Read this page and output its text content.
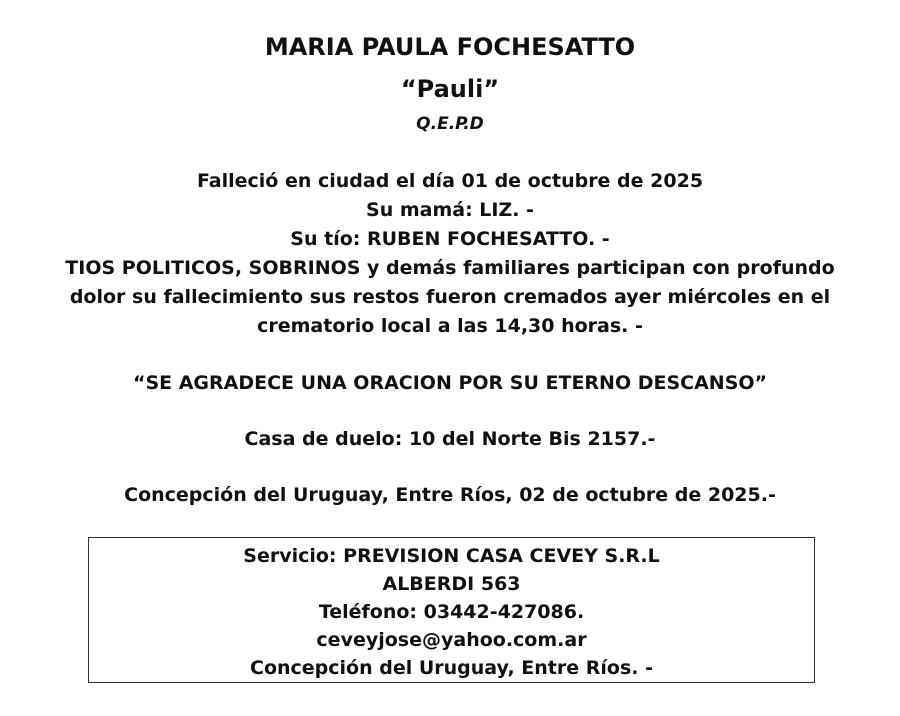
MARIA PAULA FOCHESATTO
“Pauli”
Q.E.P.D
Falleció en ciudad el día 01 de octubre de 2025
Su mamá: LIZ. -
Su tío: RUBEN FOCHESATTO. -
TIOS POLITICOS, SOBRINOS y demás familiares participan con profundo
dolor su fallecimiento sus restos fueron cremados ayer miércoles en el
crematorio local a las 14,30 horas. -
“SE AGRADECE UNA ORACION POR SU ETERNO DESCANSO”
Casa de duelo: 10 del Norte Bis 2157.-
Concepción del Uruguay, Entre Ríos, 02 de octubre de 2025.-
Servicio: PREVISION CASA CEVEY S.R.L
ALBERDI 563
Teléfono: 03442-427086.
ceveyjose@yahoo.com.ar
Concepción del Uruguay, Entre Ríos. -
